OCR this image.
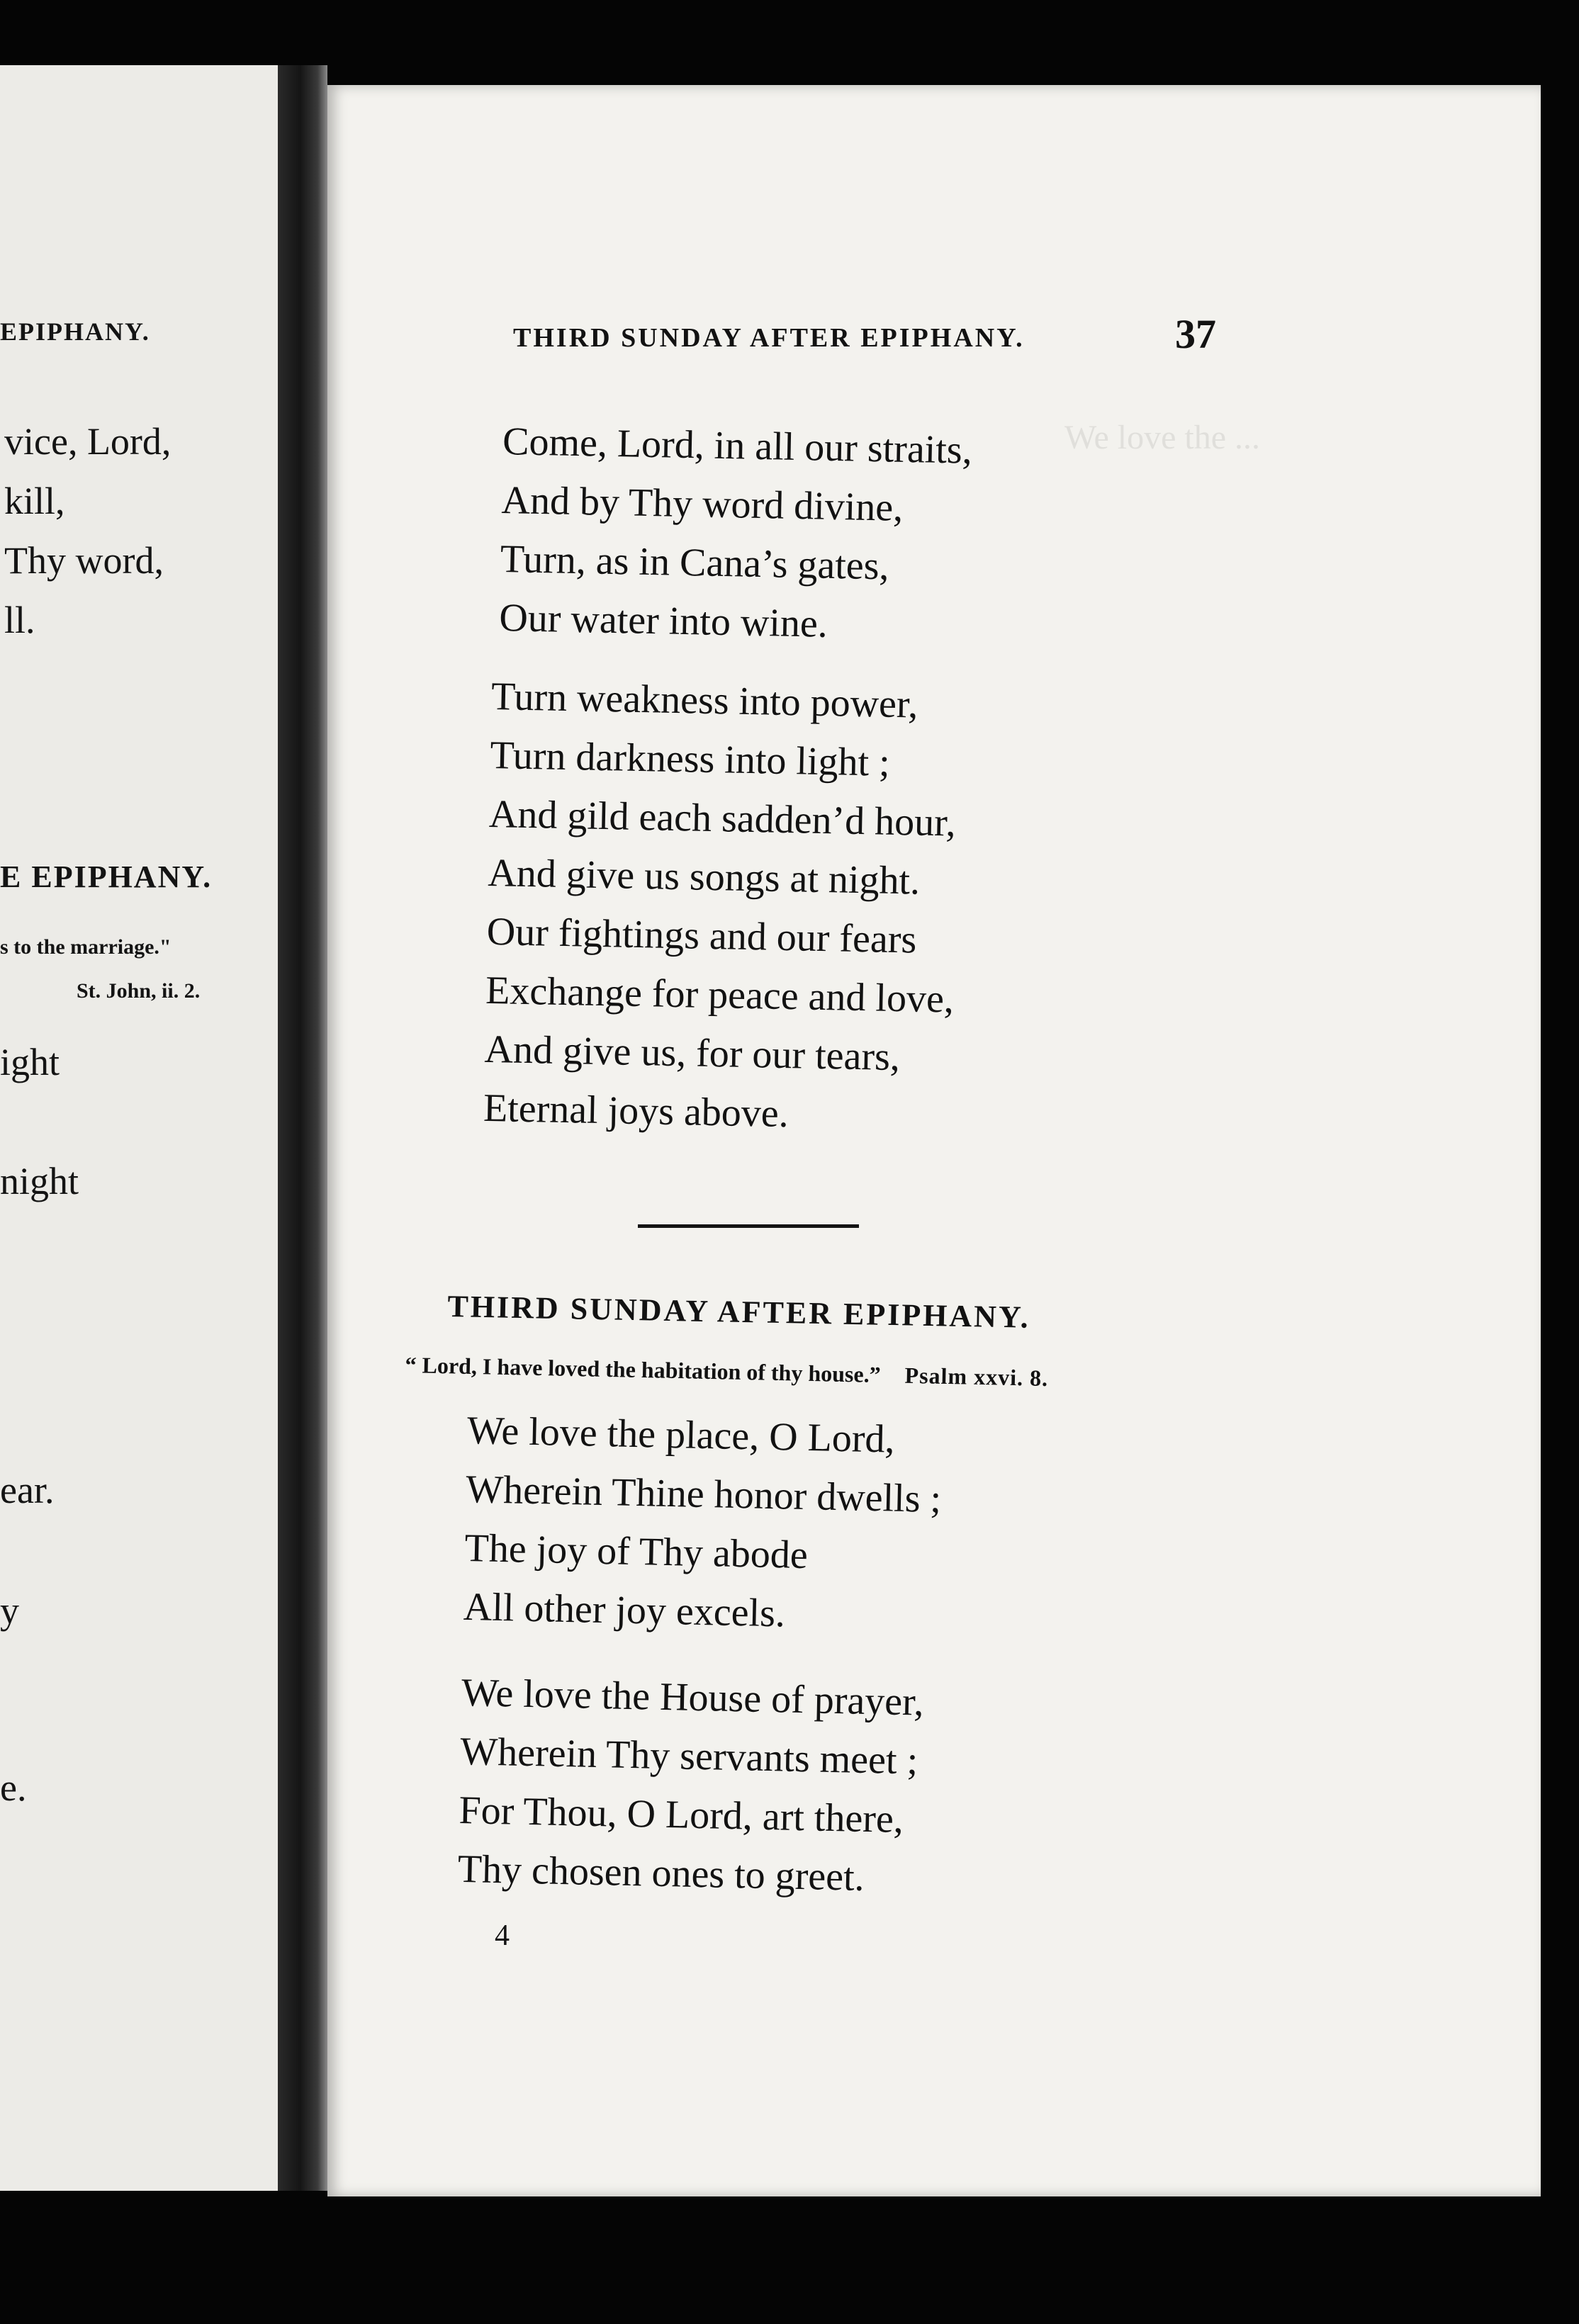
EPIPHANY.
vice, Lord,
kill,
Thy word,
ll.
E EPIPHANY.
s to the marriage."
St. John, ii. 2.
ight
night
ear.
y
e.
We love the ...
THIRD SUNDAY AFTER EPIPHANY.	37
Come, Lord, in all our straits,
And by Thy word divine,
Turn, as in Cana’s gates,
Our water into wine.
Turn weakness into power,
Turn darkness into light ;
And gild each sadden’d hour,
And give us songs at night.
Our fightings and our fears
Exchange for peace and love,
And give us, for our tears,
Eternal joys above.
THIRD SUNDAY AFTER EPIPHANY.
“ Lord, I have loved the habitation of thy house.” Psalm xxvi. 8.
We love the place, O Lord,
Wherein Thine honor dwells ;
The joy of Thy abode
All other joy excels.
We love the House of prayer,
Wherein Thy servants meet ;
For Thou, O Lord, art there,
Thy chosen ones to greet.
4
